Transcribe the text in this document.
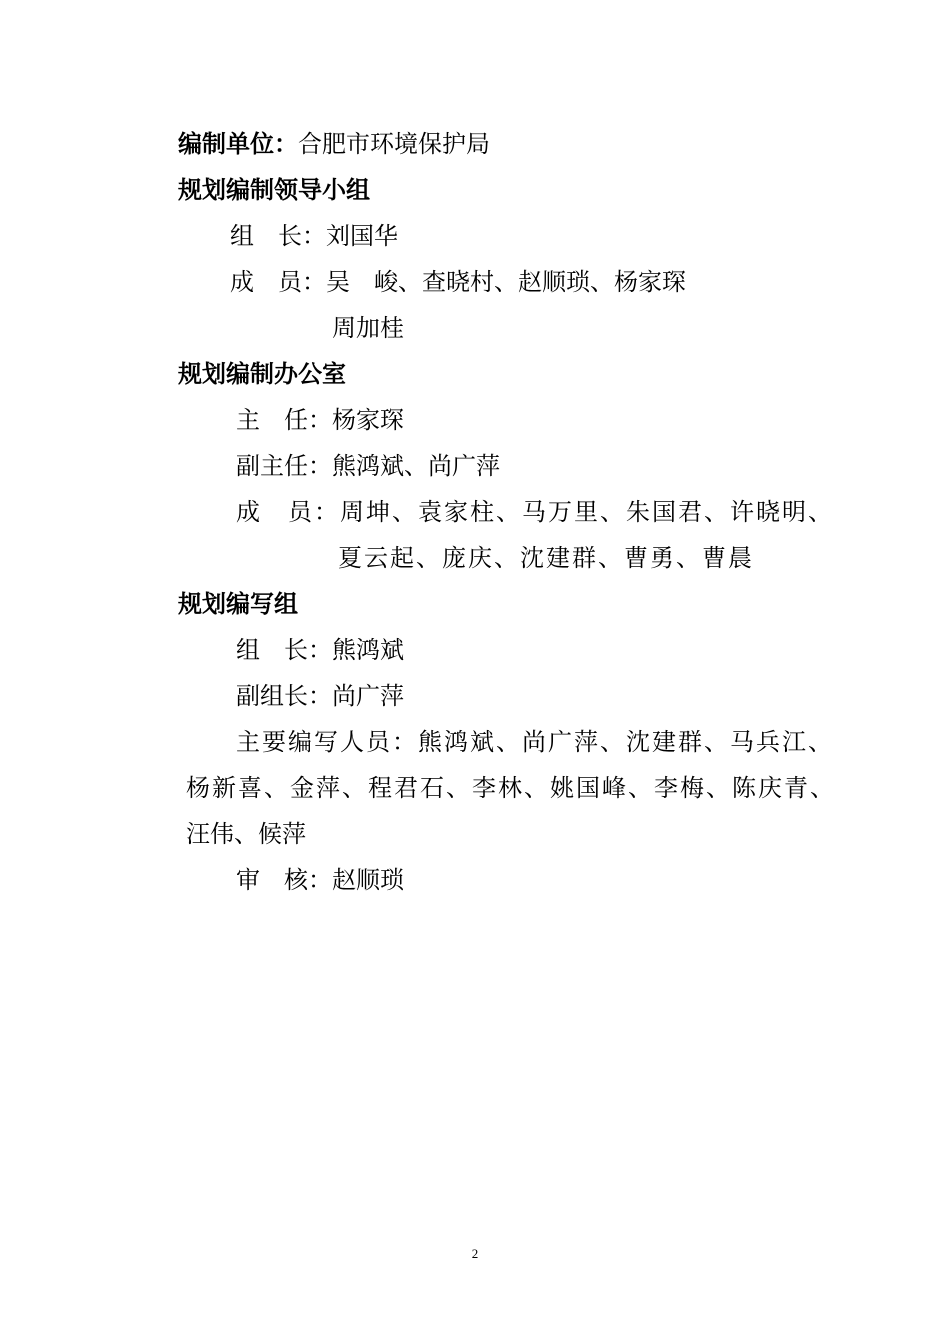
编制单位：合肥市环境保护局
规划编制领导小组
组　长：刘国华
成　员：吴　峻、查晓村、赵顺琐、杨家琛
周加桂
规划编制办公室
主　任：杨家琛
副主任：熊鸿斌、尚广萍
成　员：周坤、袁家柱、马万里、朱国君、许晓明、
夏云起、庞庆、沈建群、曹勇、曹晨
规划编写组
组　长：熊鸿斌
副组长：尚广萍
主要编写人员：熊鸿斌、尚广萍、沈建群、马兵江、
杨新喜、金萍、程君石、李林、姚国峰、李梅、陈庆青、
汪伟、候萍
审　核：赵顺琐
2
